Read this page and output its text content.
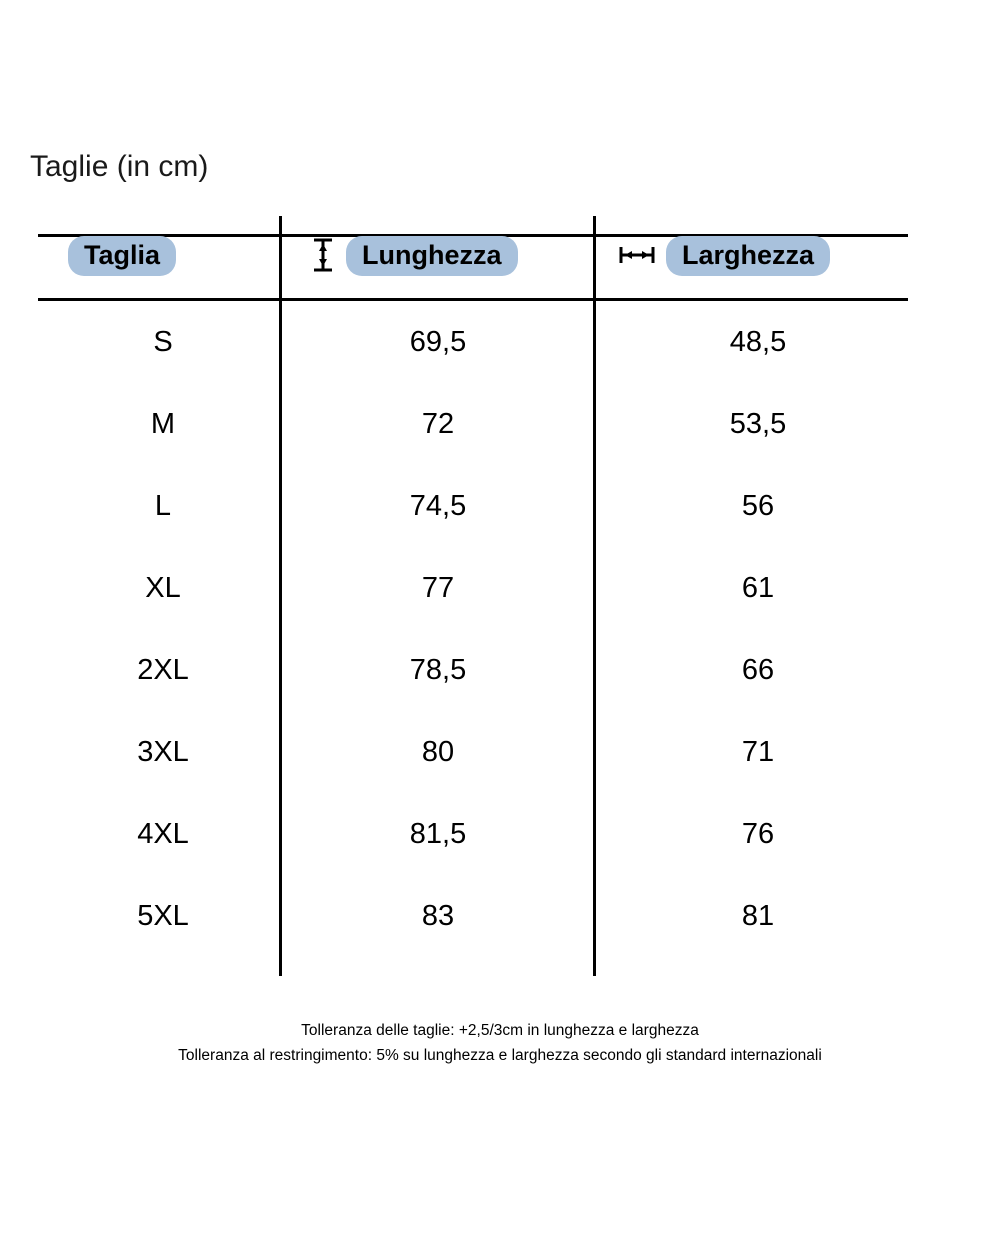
Taglie (in cm)
Taglia	Lunghezza	Larghezza
S	69,5	48,5
M	72	53,5
L	74,5	56
XL	77	61
2XL	78,5	66
3XL	80	71
4XL	81,5	76
5XL	83	81
Tolleranza delle taglie: +2,5/3cm in lunghezza e larghezza
Tolleranza al restringimento: 5% su lunghezza e larghezza secondo gli standard internazionali
